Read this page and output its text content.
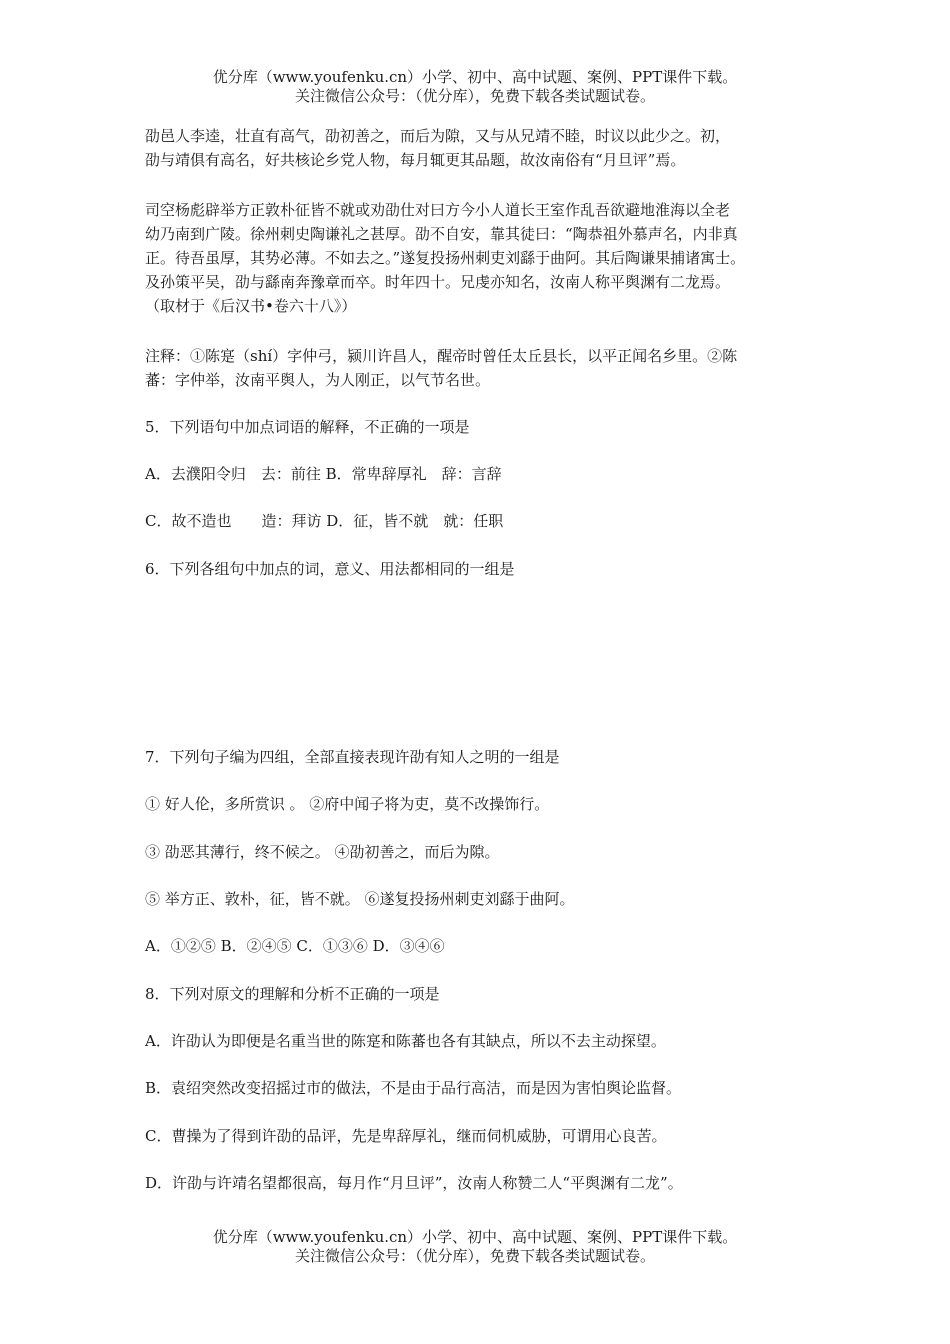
优分库（www.youfenku.cn）小学、初中、高中试题、案例、PPT课件下载。
关注微信公众号：（优分库），免费下载各类试题试卷。

劭邑人李逵，壮直有高气，劭初善之，而后为隙，又与从兄靖不睦，时议以此少之。初，

劭与靖俱有高名，好共核论乡党人物，每月辄更其品题，故汝南俗有“月旦评”焉。

司空杨彪辟举方正敦朴征皆不就或劝劭仕对曰方今小人道长王室作乱吾欲避地淮海以全老

幼乃南到广陵。徐州刺史陶谦礼之甚厚。劭不自安，靠其徒曰：“陶恭祖外慕声名，内非真

正。待吾虽厚，其势必薄。不如去之。”遂复投扬州刺吏刘繇于曲阿。其后陶谦果捕诸寓士。

及孙策平吴，劭与繇南奔豫章而卒。时年四十。兄虔亦知名，汝南人称平舆渊有二龙焉。

（取材于《后汉书•卷六十八》）

注释：①陈寔（shí）字仲弓，颍川许昌人，醒帝时曾任太丘县长，以平正闻名乡里。②陈

蕃：字仲举，汝南平舆人，为人刚正，以气节名世。

5．下列语句中加点词语的解释，不正确的一项是
A．去濮阳令归　去：前往 B．常卑辞厚礼　辞：言辞
C．故不造也　　造：拜访 D．征，皆不就　就：任职
6．下列各组句中加点的词，意义、用法都相同的一组是
7．下列句子编为四组，全部直接表现许劭有知人之明的一组是
① 好人伦，多所赏识 。 ②府中闻子将为吏，莫不改操饰行。
③ 劭恶其薄行，终不候之。 ④劭初善之，而后为隙。
⑤ 举方正、敦朴，征，皆不就。 ⑥遂复投扬州刺吏刘繇于曲阿。
A．①②⑤ B．②④⑤ C．①③⑥ D．③④⑥
8．下列对原文的理解和分析不正确的一项是
A．许劭认为即便是名重当世的陈寔和陈蕃也各有其缺点，所以不去主动探望。
B．袁绍突然改变招摇过市的做法，不是由于品行高洁，而是因为害怕舆论监督。
C．曹操为了得到许劭的品评，先是卑辞厚礼，继而伺机威胁，可谓用心良苦。
D．许劭与许靖名望都很高，每月作“月旦评”，汝南人称赞二人“平舆渊有二龙”。
优分库（www.youfenku.cn）小学、初中、高中试题、案例、PPT课件下载。
关注微信公众号：（优分库），免费下载各类试题试卷。
